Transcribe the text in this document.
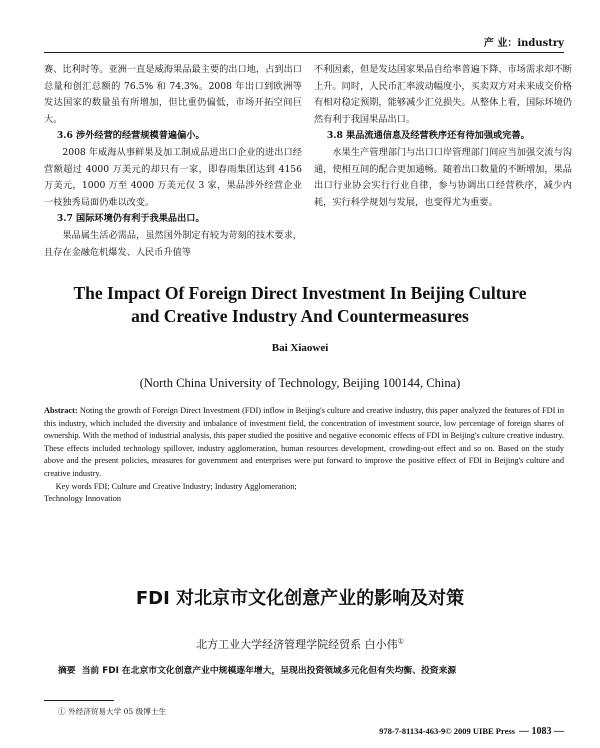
产 业：industry

赛、比利时等。亚洲一直是威海果品最主要的出口地，占到出口总量和创汇总额的 76.5% 和 74.3%。2008 年出口到欧洲等发达国家的数量虽有所增加，但比重仍偏低，市场开拓空间巨大。

3.6 涉外经营的经营规模普遍偏小。

2008 年威海从事鲜果及加工制成品进出口企业的进出口经营额超过 4000 万美元的却只有一家，即春雨集团达到 4156 万美元，1000 万至 4000 万美元仅 3 家，果品涉外经营企业一枝独秀局面仍难以改变。

3.7 国际环境仍有利于我果品出口。

果品属生活必需品，虽然国外制定有较为苛刻的技术要求，且存在金融危机爆发、人民币升值等

不利因素，但是发达国家果品自给率普遍下降、市场需求却不断上升。同时，人民币汇率波动幅度小，买卖双方对未来成交价格有相对稳定预期，能够减少汇兑损失。从整体上看，国际环境仍然有利于我国果品出口。

3.8 果品流通信息及经营秩序还有待加强或完善。

水果生产管理部门与出口口岸管理部门间应当加强交流与沟通，使相互间的配合更加通畅。随着出口数量的不断增加，果品出口行业协会实行行业自律，参与协调出口经营秩序，减少内耗，实行科学规划与发展，也变得尤为重要。

The Impact Of Foreign Direct Investment In Beijing Culture
and Creative Industry And Countermeasures
Bai Xiaowei
(North China University of Technology, Beijing 100144, China)

Abstract: Noting the growth of Foreign Direct Investment (FDI) inflow in Beijing's culture and creative industry, this paper analyzed the features of FDI in this industry, which included the diversity and imbalance of investment field, the concentration of investment source, low percentage of foreign shares of ownership. With the method of industrial analysis, this paper studied the positive and negative economic effects of FDI in Beijing's culture creative industry. These effects included technology spillover, industry agglomeration, human resources development, crowding-out effect and so on. Based on the study above and the present policies, measures for government and enterprises were put forward to improve the positive effect of FDI in Beijing's culture and creative industry.

Key words FDI; Culture and Creative Industry; Industry Agglomeration;

Technology Innovation

FDI 对北京市文化创意产业的影响及对策
北方工业大学经济管理学院经贸系 白小伟①
摘要 当前 FDI 在北京市文化创意产业中规模逐年增大，呈现出投资领域多元化但有失均衡、投资来源
① 外经济贸易大学 05 级博士生
978-7-81134-463-9© 2009 UIBE Press — 1083 —
